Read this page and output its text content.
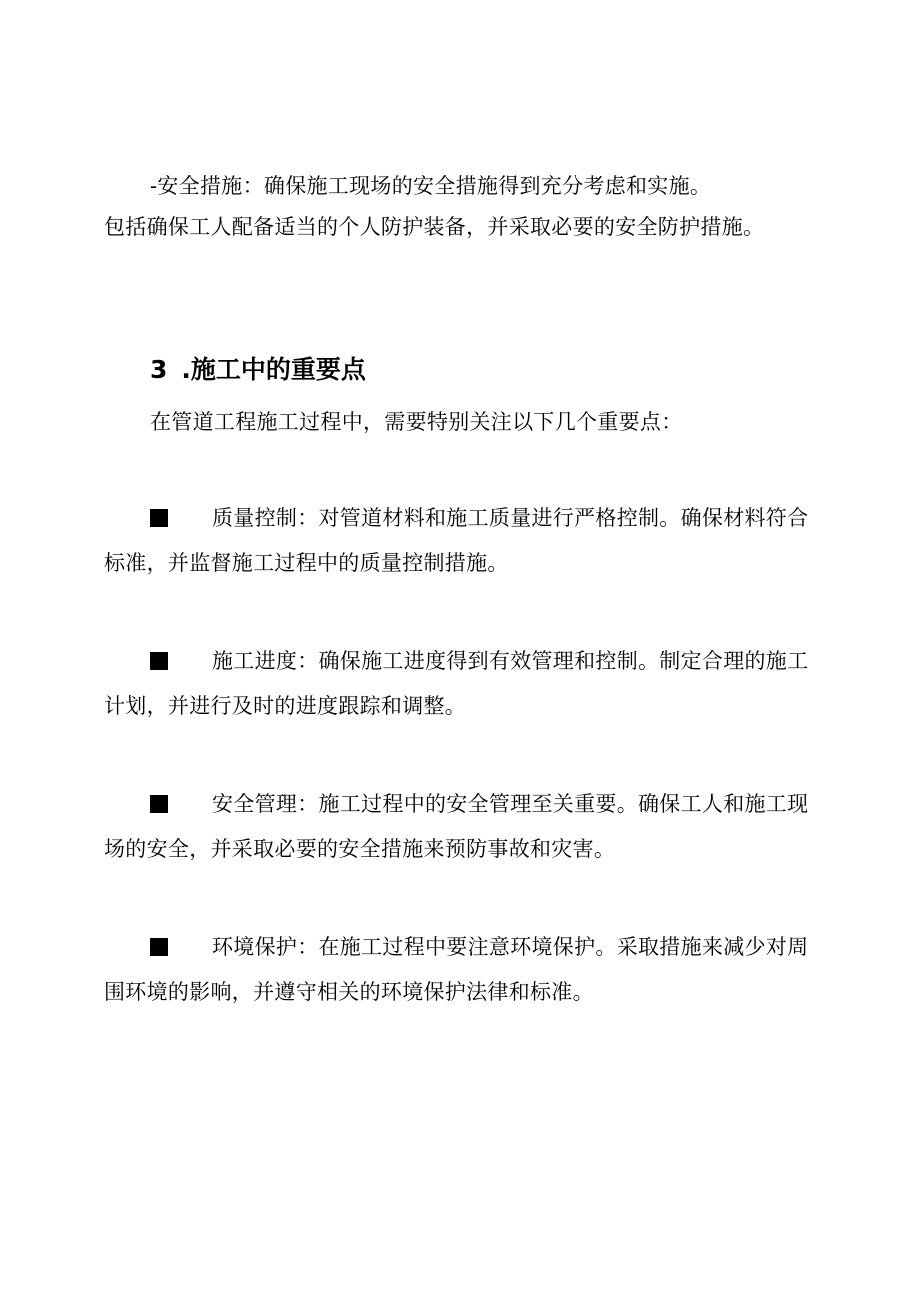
-安全措施：确保施工现场的安全措施得到充分考虑和实施。
包括确保工人配备适当的个人防护装备，并采取必要的安全防护措施。
3 .施工中的重要点
在管道工程施工过程中，需要特别关注以下几个重要点：
质量控制：对管道材料和施工质量进行严格控制。确保材料符合标准，并监督施工过程中的质量控制措施。
施工进度：确保施工进度得到有效管理和控制。制定合理的施工计划，并进行及时的进度跟踪和调整。
安全管理：施工过程中的安全管理至关重要。确保工人和施工现场的安全，并采取必要的安全措施来预防事故和灾害。
环境保护：在施工过程中要注意环境保护。采取措施来减少对周围环境的影响，并遵守相关的环境保护法律和标准。
